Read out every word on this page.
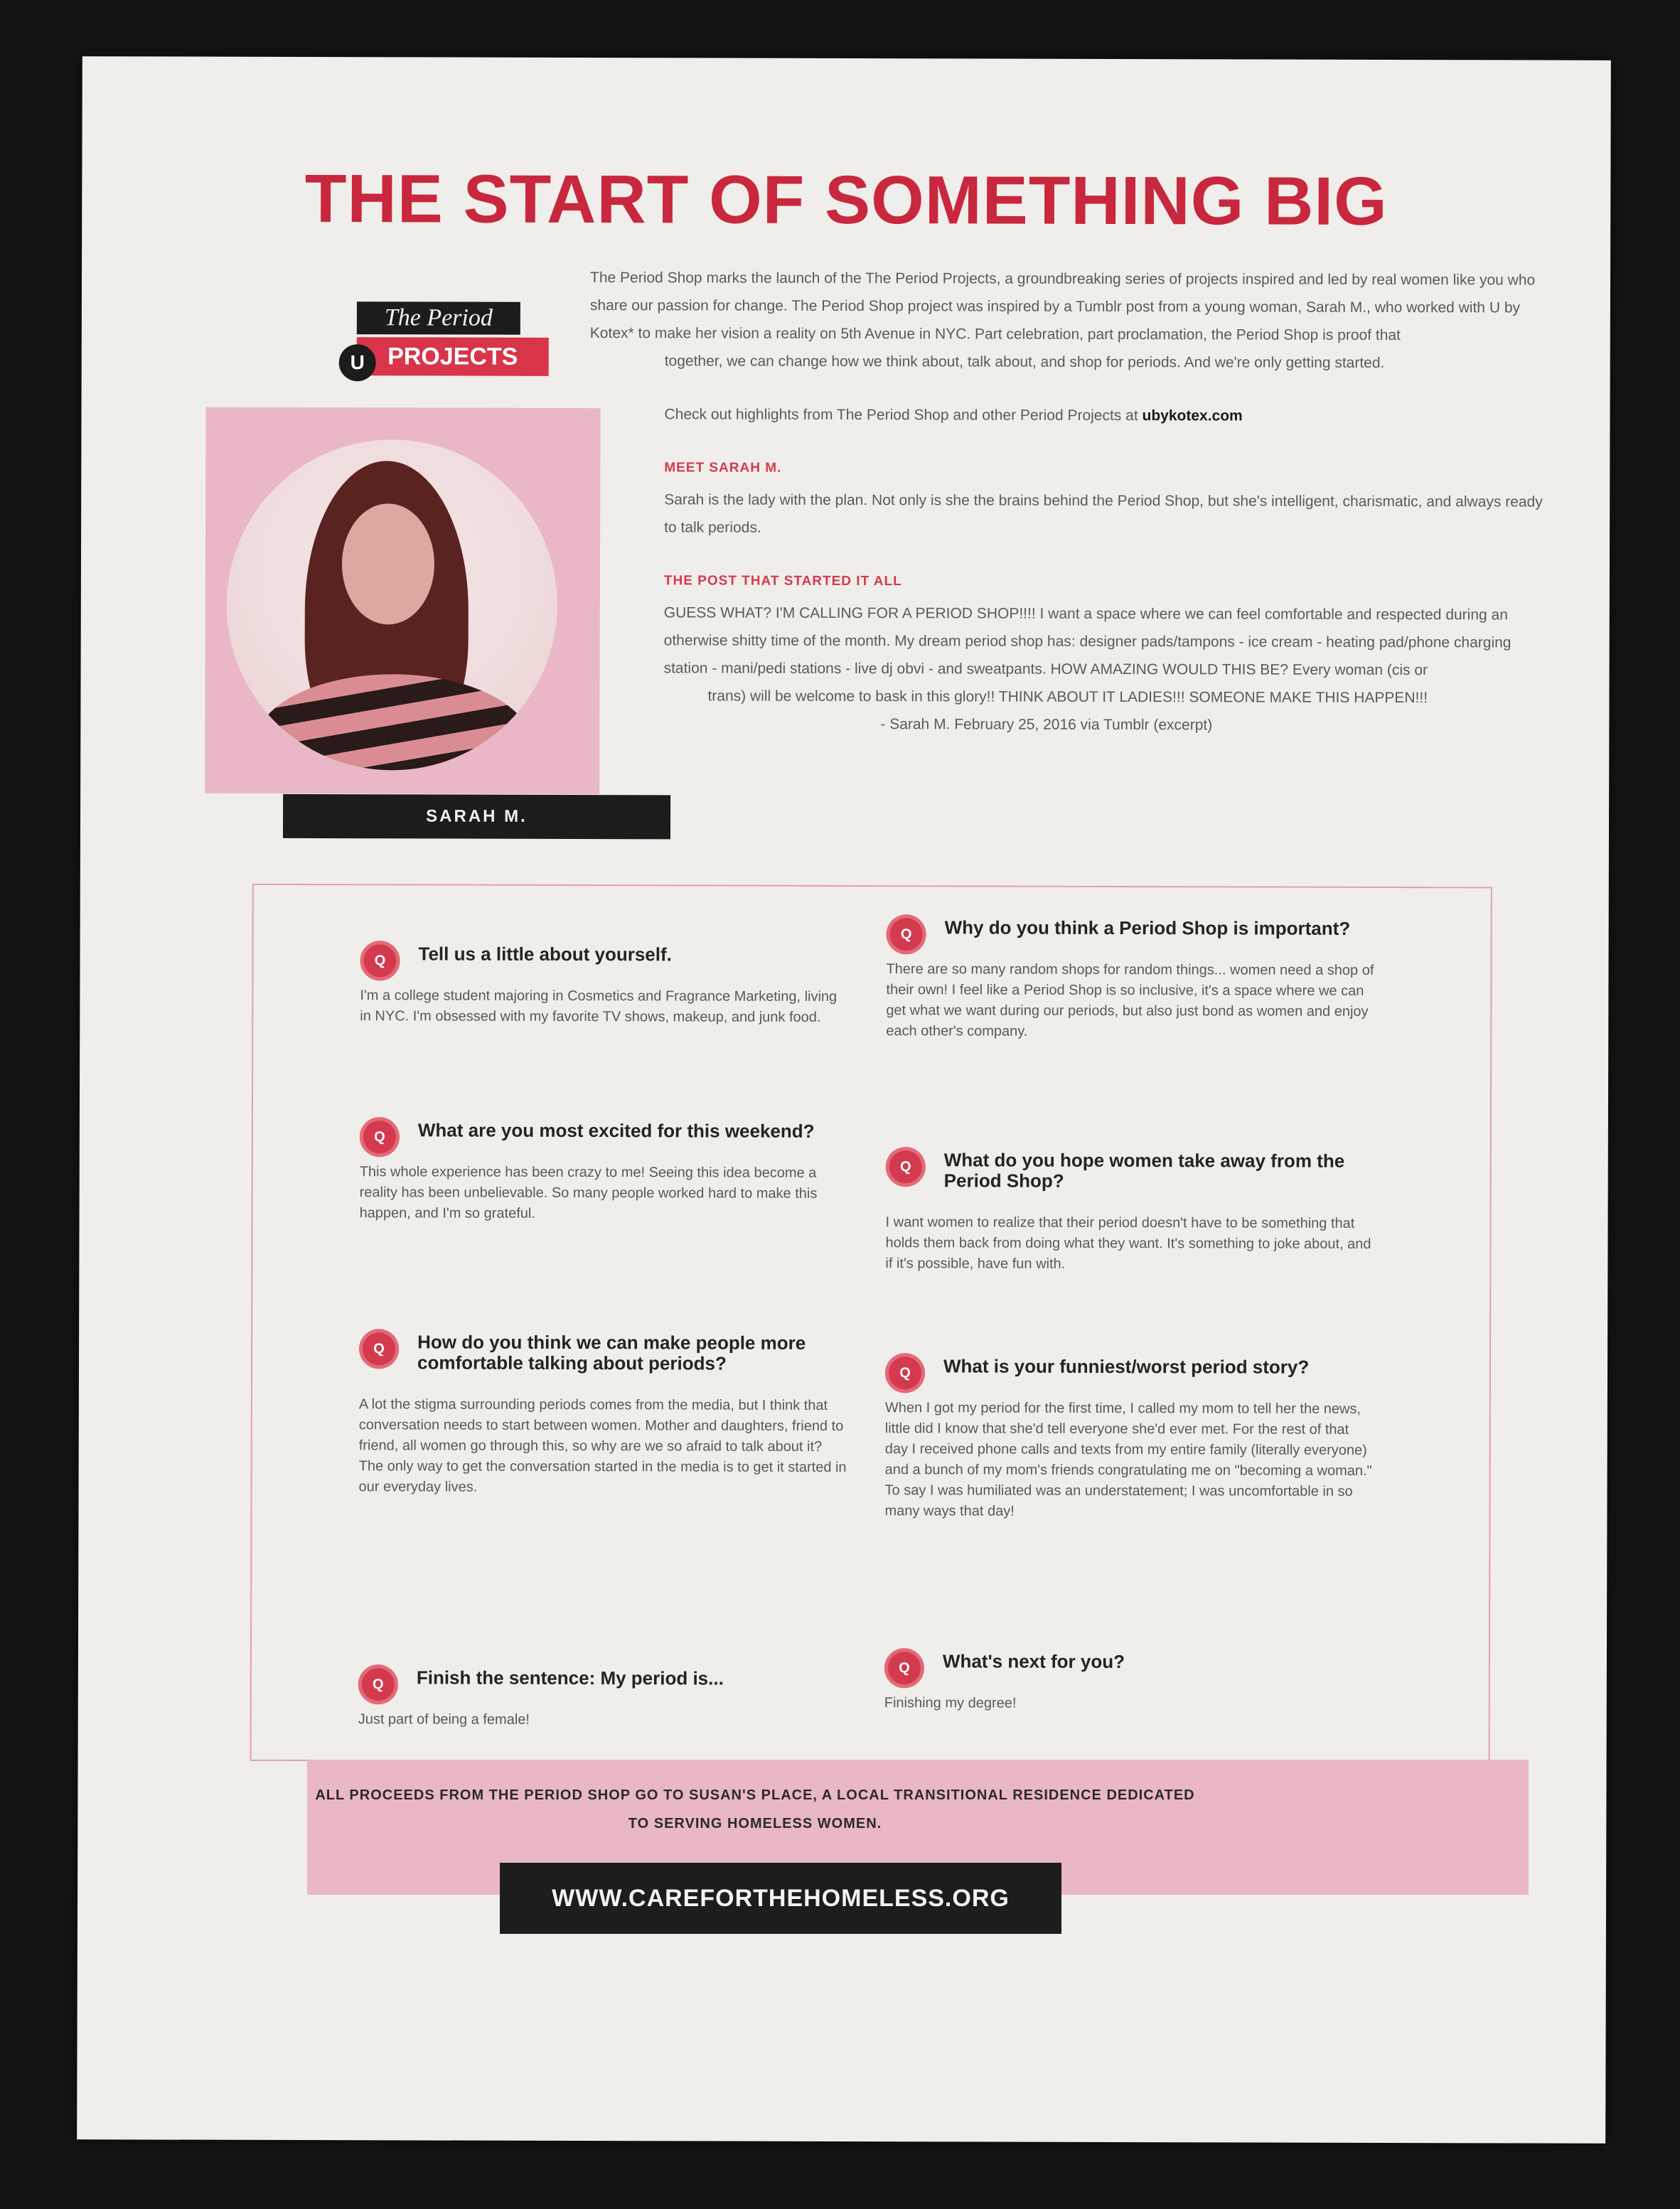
THE START OF SOMETHING BIG
The Period
PROJECTS
U

The Period Shop marks the launch of the The Period Projects, a groundbreaking series of projects inspired and led by real women like you who share our passion for change. The Period Shop project was inspired by a Tumblr post from a young woman, Sarah M., who worked with U by Kotex* to make her vision a reality on 5th Avenue in NYC. Part celebration, part proclamation, the Period Shop is proof that

together, we can change how we think about, talk about, and shop for periods. And we're only getting started.

Check out highlights from The Period Shop and other Period Projects at ubykotex.com

MEET SARAH M.

Sarah is the lady with the plan. Not only is she the brains behind the Period Shop, but she's intelligent, charismatic, and always ready to talk periods.

THE POST THAT STARTED IT ALL

GUESS WHAT? I'M CALLING FOR A PERIOD SHOP!!!! I want a space where we can feel comfortable and respected during an otherwise shitty time of the month. My dream period shop has: designer pads/tampons - ice cream - heating pad/phone charging station - mani/pedi stations - live dj obvi - and sweatpants. HOW AMAZING WOULD THIS BE? Every woman (cis or

trans) will be welcome to bask in this glory!! THINK ABOUT IT LADIES!!! SOMEONE MAKE THIS HAPPEN!!!

- Sarah M. February 25, 2016 via Tumblr (excerpt)

SARAH M.
Q	Tell us a little about yourself.
I'm a college student majoring in Cosmetics and Fragrance Marketing, living in NYC. I'm obsessed with my favorite TV shows, makeup, and junk food.
Q	What are you most excited for this weekend?
This whole experience has been crazy to me! Seeing this idea become a reality has been unbelievable. So many people worked hard to make this happen, and I'm so grateful.
Q	How do you think we can make people more comfortable talking about periods?
A lot the stigma surrounding periods comes from the media, but I think that conversation needs to start between women. Mother and daughters, friend to friend, all women go through this, so why are we so afraid to talk about it? The only way to get the conversation started in the media is to get it started in our everyday lives.
Q	Finish the sentence: My period is...
Just part of being a female!
Q	Why do you think a Period Shop is important?
There are so many random shops for random things... women need a shop of their own! I feel like a Period Shop is so inclusive, it's a space where we can get what we want during our periods, but also just bond as women and enjoy each other's company.
Q	What do you hope women take away from the Period Shop?
I want women to realize that their period doesn't have to be something that holds them back from doing what they want. It's something to joke about, and if it's possible, have fun with.
Q	What is your funniest/worst period story?
When I got my period for the first time, I called my mom to tell her the news, little did I know that she'd tell everyone she'd ever met. For the rest of that day I received phone calls and texts from my entire family (literally everyone) and a bunch of my mom's friends congratulating me on "becoming a woman." To say I was humiliated was an understatement; I was uncomfortable in so many ways that day!
Q	What's next for you?
Finishing my degree!
ALL PROCEEDS FROM THE PERIOD SHOP GO TO SUSAN'S PLACE, A LOCAL TRANSITIONAL RESIDENCE DEDICATED TO SERVING HOMELESS WOMEN.
WWW.CAREFORTHEHOMELESS.ORG
